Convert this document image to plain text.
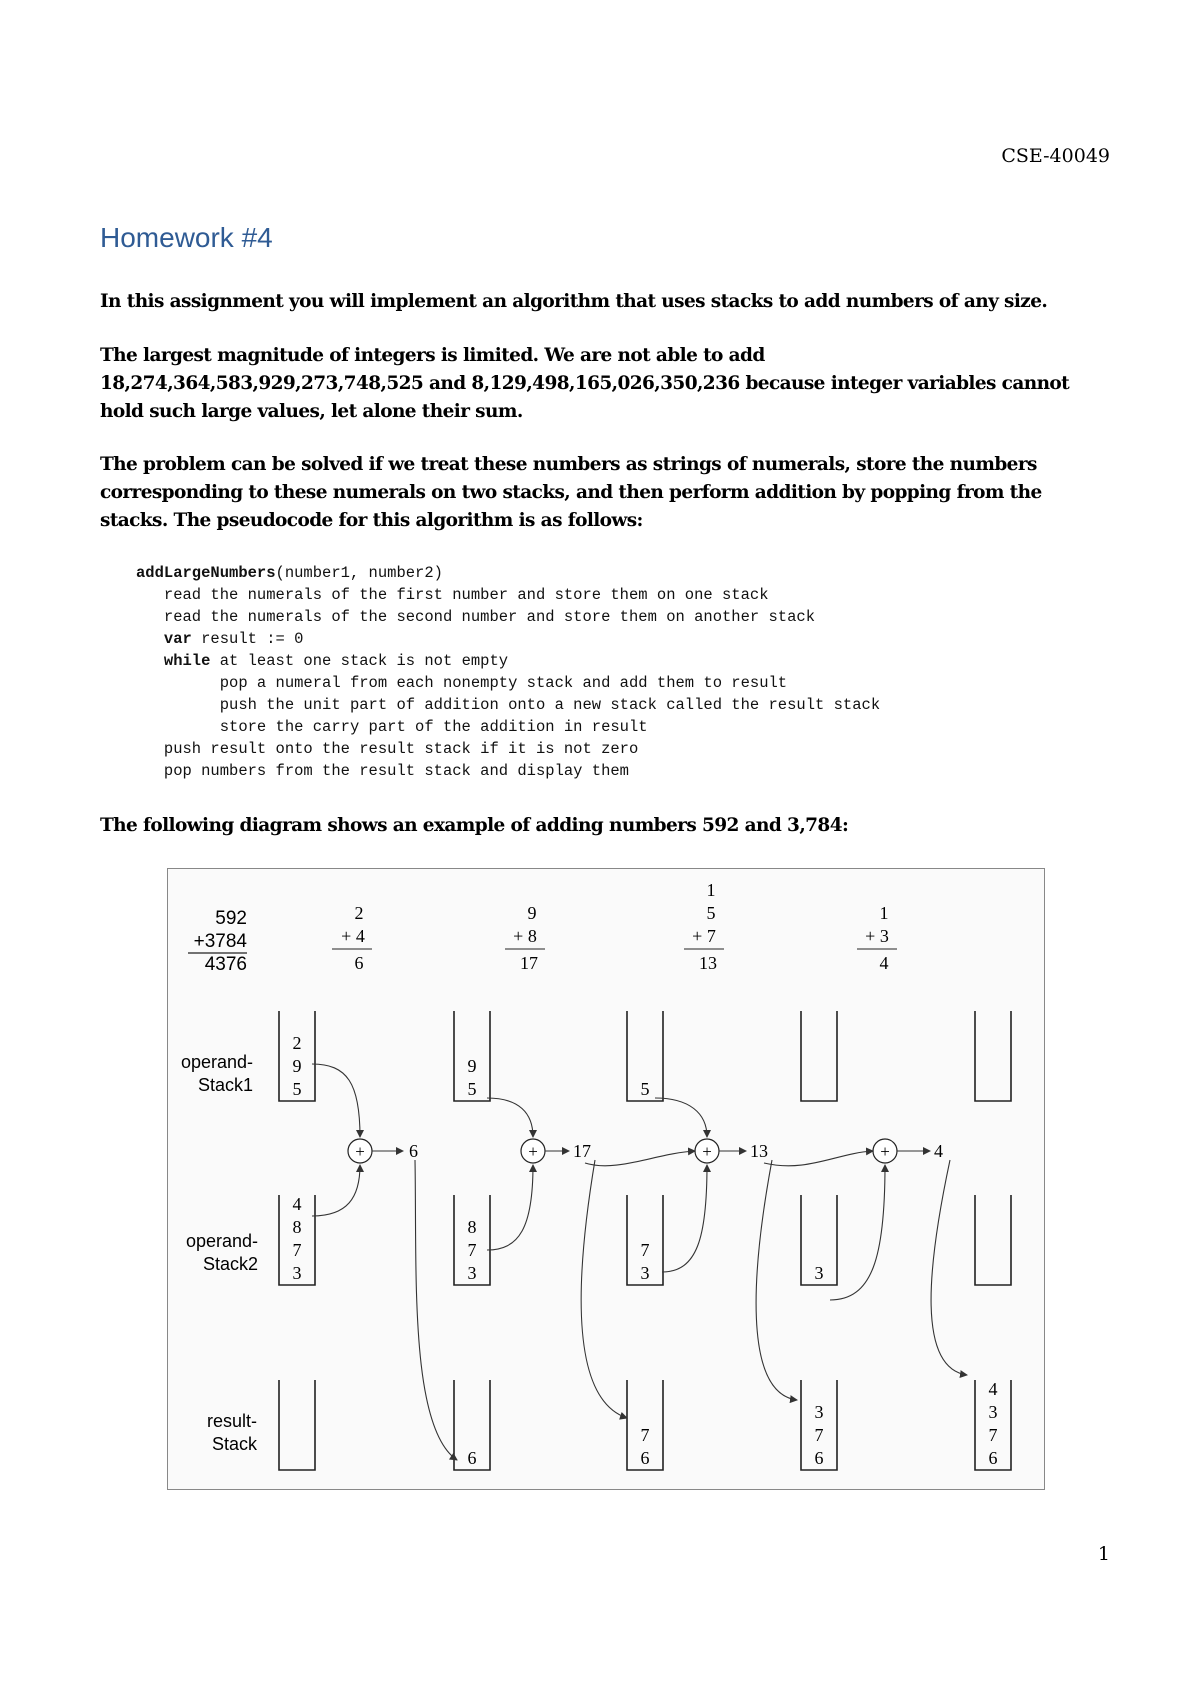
CSE-40049
Homework #4

In this assignment you will implement an algorithm that uses stacks to add numbers of any size.

The largest magnitude of integers is limited. We are not able to add
18,274,364,583,929,273,748,525 and 8,129,498,165,026,350,236 because integer variables cannot
hold such large values, let alone their sum.

The problem can be solved if we treat these numbers as strings of numerals, store the numbers
corresponding to these numerals on two stacks, and then perform addition by popping from the
stacks. The pseudocode for this algorithm is as follows:

addLargeNumbers(number1, number2)
read the numerals of the first number and store them on one stack
read the numerals of the second number and store them on another stack
var result := 0
while at least one stack is not empty
pop a numeral from each nonempty stack and add them to result
push the unit part of addition onto a new stack called the result stack
store the carry part of the addition in result
push result onto the result stack if it is not zero
pop numbers from the result stack and display them

The following diagram shows an example of adding numbers 592 and 3,784:

592
+3784
4376
operand-
Stack1
operand-
Stack2
result-
Stack
2
+ 4
6
9
+ 8
17
1
5
+ 7
13
1
+ 3
4
2
9
5
4
8
7
3
9
5
8
7
3
6
5
7
3
7
6
3
3
7
6
4
3
7
6
+	+	+	+
6	17	13	4
1
